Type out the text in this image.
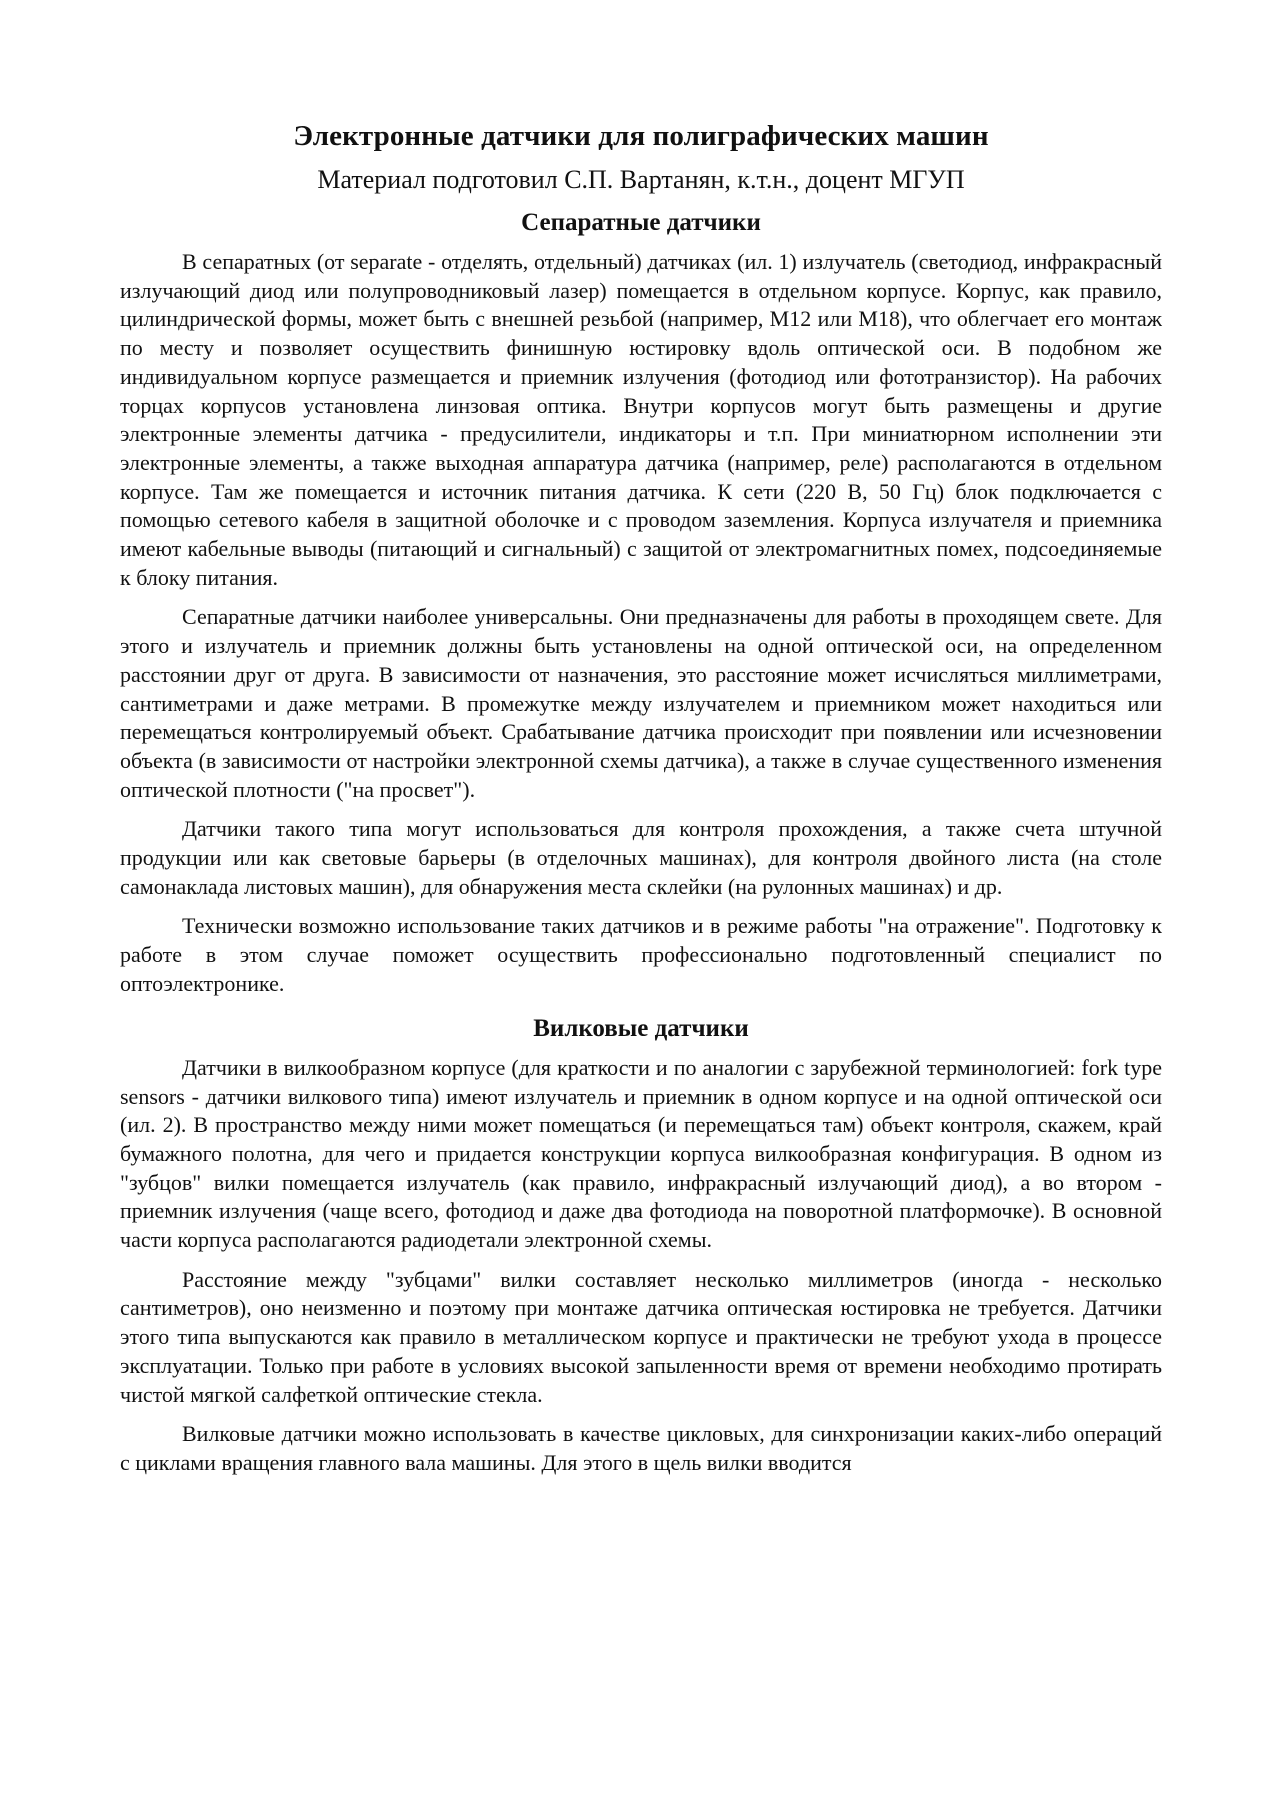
Электронные датчики для полиграфических машин
Материал подготовил С.П. Вартанян, к.т.н., доцент МГУП
Сепаратные датчики

В сепаратных (от separate - отделять, отдельный) датчиках (ил. 1) излучатель (светодиод, инфракрасный излучающий диод или полупроводниковый лазер) помещается в отдельном корпусе. Корпус, как правило, цилиндрической формы, может быть с внешней резьбой (например, М12 или М18), что облегчает его монтаж по месту и позволяет осуществить финишную юстировку вдоль оптической оси. В подобном же индивидуальном корпусе размещается и приемник излучения (фотодиод или фототранзистор). На рабочих торцах корпусов установлена линзовая оптика. Внутри корпусов могут быть размещены и другие электронные элементы датчика - предусилители, индикаторы и т.п. При миниатюрном исполнении эти электронные элементы, а также выходная аппаратура датчика (например, реле) располагаются в отдельном корпусе. Там же помещается и источник питания датчика. К сети (220 В, 50 Гц) блок подключается с помощью сетевого кабеля в защитной оболочке и с проводом заземления. Корпуса излучателя и приемника имеют кабельные выводы (питающий и сигнальный) с защитой от электромагнитных помех, подсоединяемые к блоку питания.

Сепаратные датчики наиболее универсальны. Они предназначены для работы в проходящем свете. Для этого и излучатель и приемник должны быть установлены на одной оптической оси, на определенном расстоянии друг от друга. В зависимости от назначения, это расстояние может исчисляться миллиметрами, сантиметрами и даже метрами. В промежутке между излучателем и приемником может находиться или перемещаться контролируемый объект. Срабатывание датчика происходит при появлении или исчезновении объекта (в зависимости от настройки электронной схемы датчика), а также в случае существенного изменения оптической плотности ("на просвет").

Датчики такого типа могут использоваться для контроля прохождения, а также счета штучной продукции или как световые барьеры (в отделочных машинах), для контроля двойного листа (на столе самонаклада листовых машин), для обнаружения места склейки (на рулонных машинах) и др.

Технически возможно использование таких датчиков и в режиме работы "на отражение". Подготовку к работе в этом случае поможет осуществить профессионально подготовленный специалист по оптоэлектронике.

Вилковые датчики

Датчики в вилкообразном корпусе (для краткости и по аналогии с зарубежной терминологией: fork type sensors - датчики вилкового типа) имеют излучатель и приемник в одном корпусе и на одной оптической оси (ил. 2). В пространство между ними может помещаться (и перемещаться там) объект контроля, скажем, край бумажного полотна, для чего и придается конструкции корпуса вилкообразная конфигурация. В одном из "зубцов" вилки помещается излучатель (как правило, инфракрасный излучающий диод), а во втором - приемник излучения (чаще всего, фотодиод и даже два фотодиода на поворотной платформочке). В основной части корпуса располагаются радиодетали электронной схемы.

Расстояние между "зубцами" вилки составляет несколько миллиметров (иногда - несколько сантиметров), оно неизменно и поэтому при монтаже датчика оптическая юстировка не требуется. Датчики этого типа выпускаются как правило в металлическом корпусе и практически не требуют ухода в процессе эксплуатации. Только при работе в условиях высокой запыленности время от времени необходимо протирать чистой мягкой салфеткой оптические стекла.

Вилковые датчики можно использовать в качестве цикловых, для синхронизации каких-либо операций с циклами вращения главного вала машины. Для этого в щель вилки вводится
